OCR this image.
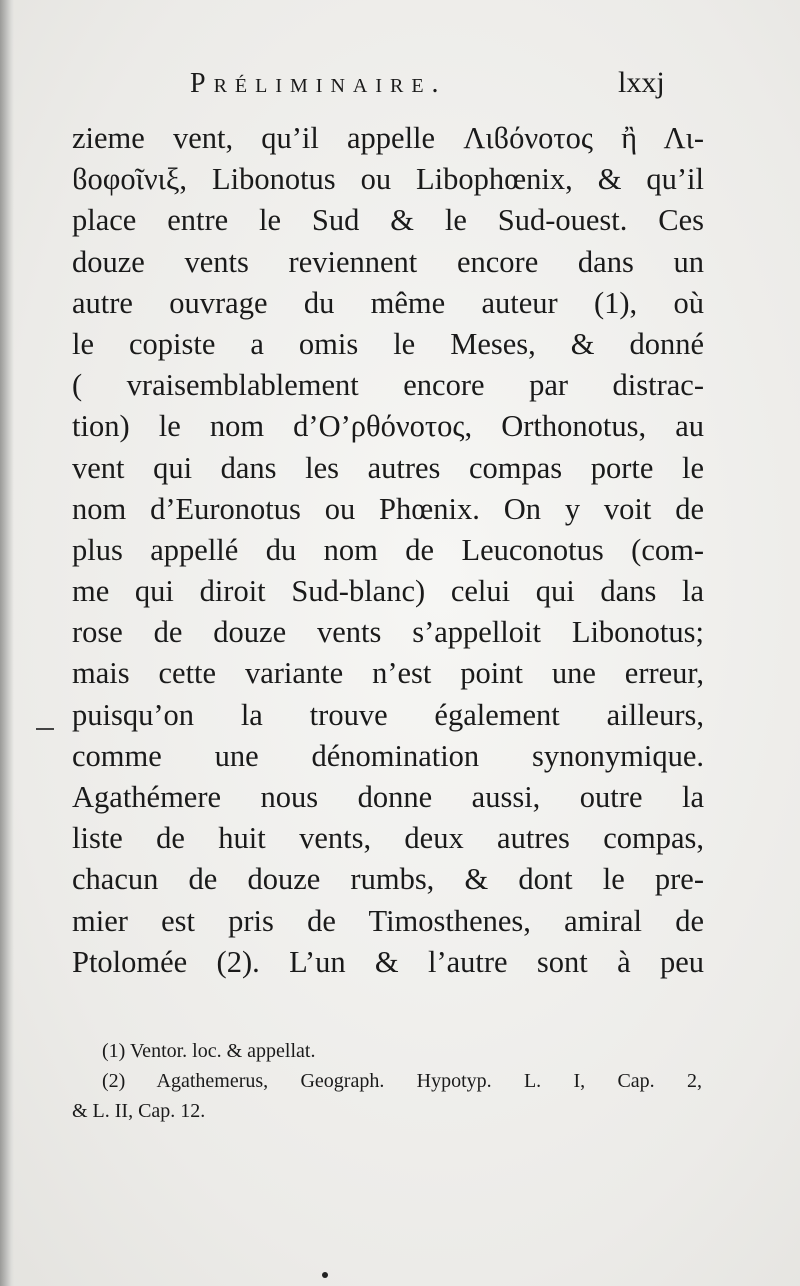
Préliminaire.	lxxj
zieme vent, qu’il appelle Λιϐόνοτος ἢ Λι-
ϐοφοῖνιξ, Libonotus ou Libophœnix, & qu’il
place entre le Sud & le Sud-ouest. Ces
douze vents reviennent encore dans un
autre ouvrage du même auteur (1), où
le copiste a omis le Meses, & donné
( vraisemblablement encore par distrac-
tion) le nom d’Ο’ρθόνοτος, Orthonotus, au
vent qui dans les autres compas porte le
nom d’Euronotus ou Phœnix. On y voit de
plus appellé du nom de Leuconotus (com-
me qui diroit Sud-blanc) celui qui dans la
rose de douze vents s’appelloit Libonotus;
mais cette variante n’est point une erreur,
puisqu’on la trouve également ailleurs,
comme une dénomination synonymique.
Agathémere nous donne aussi, outre la
liste de huit vents, deux autres compas,
chacun de douze rumbs, & dont le pre-
mier est pris de Timosthenes, amiral de
Ptolomée (2). L’un & l’autre sont à peu
(1) Ventor. loc. & appellat.
(2) Agathemerus, Geograph. Hypotyp. L. I, Cap. 2,
& L. II, Cap. 12.
